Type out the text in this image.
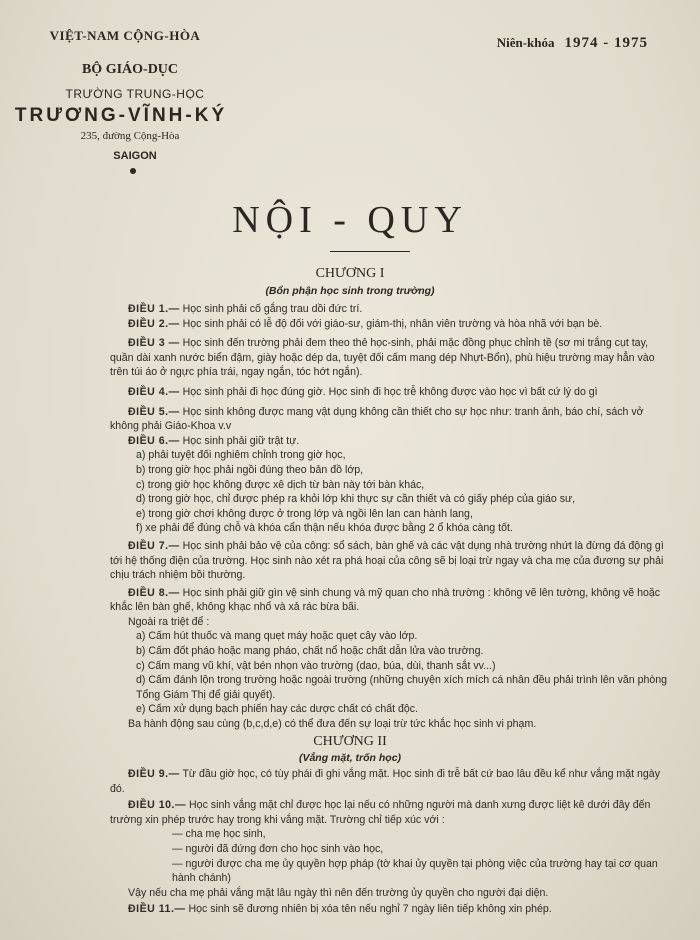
VIỆT-NAM CỘNG-HÒA
BỘ GIÁO-DỤC
TRƯỜNG TRUNG-HỌC
TRƯƠNG-VĨNH-KÝ
235, đường Cộng-Hòa
SAIGON
Niên-khóa 1974 - 1975
NỘI - QUY
CHƯƠNG I
(Bổn phận học sinh trong trường)

ĐIỀU 1.— Học sinh phải cố gắng trau dồi đức trí.

ĐIỀU 2.— Học sinh phải có lễ độ đối với giáo-sư, giám-thị, nhân viên trường và hòa nhã với bạn bè.

ĐIỀU 3 — Học sinh đến trường phải đem theo thẻ học-sinh, phải mặc đồng phục chỉnh tề (sơ mi trắng cụt tay, quần dài xanh nước biển đậm, giày hoặc dép da, tuyệt đối cấm mang dép Nhựt-Bổn), phù hiệu trường may hẳn vào trên túi áo ở ngực phía trái, ngay ngắn, tóc hớt ngắn).

ĐIỀU 4.— Học sinh phải đi học đúng giờ. Học sinh đi học trễ không được vào học vì bất cứ lý do gì

ĐIỀU 5.— Học sinh không được mang vật dụng không cần thiết cho sự học như: tranh ảnh, báo chí, sách vở không phải Giáo-Khoa v.v

ĐIỀU 6.— Học sinh phải giữ trật tự.

a) phải tuyệt đối nghiêm chỉnh trong giờ học,

b) trong giờ học phải ngồi đúng theo bản đồ lớp,

c) trong giờ học không được xê dịch từ bàn này tới bàn khác,

d) trong giờ học, chỉ được phép ra khỏi lớp khi thực sự cần thiết và có giấy phép của giáo sư,

e) trong giờ chơi không được ở trong lớp và ngồi lên lan can hành lang,

f) xe phải để đúng chỗ và khóa cẩn thận nếu khóa được bằng 2 ổ khóa càng tốt.

ĐIỀU 7.— Học sinh phải bảo vệ của công: sổ sách, bàn ghế và các vật dụng nhà trường nhứt là đừng đá động gì tới hệ thống điện của trường. Học sinh nào xét ra phá hoại của công sẽ bị loại trừ ngay và cha mẹ của đương sự phải chịu trách nhiệm bồi thường.

ĐIỀU 8.— Học sinh phải giữ gìn vệ sinh chung và mỹ quan cho nhà trường : không vẽ lên tường, không vẽ hoặc khắc lên bàn ghế, không khạc nhổ và xả rác bừa bãi.

Ngoài ra triệt để :

a) Cấm hút thuốc và mang quẹt máy hoặc quẹt cây vào lớp.

b) Cấm đốt pháo hoặc mang pháo, chất nổ hoặc chất dẫn lửa vào trường.

c) Cấm mang vũ khí, vật bén nhọn vào trường (dao, búa, dùi, thanh sắt vv...)

d) Cấm đánh lộn trong trường hoặc ngoài trường (những chuyện xích mích cá nhân đều phải trình lên văn phòng Tổng Giám Thị để giải quyết).

e) Cấm xử dụng bạch phiến hay các dược chất có chất độc.

Ba hành động sau cùng (b,c,d,e) có thể đưa đến sự loại trừ tức khắc học sinh vi phạm.

CHƯƠNG II
(Vắng mặt, trốn học)

ĐIỀU 9.— Từ đầu giờ học, có tùy phái đi ghi vắng mặt. Học sinh đi trễ bất cứ bao lâu đều kể như vắng mặt ngày đó.

ĐIỀU 10.— Học sinh vắng mặt chỉ được học lại nếu có những người mà danh xưng được liệt kê dưới đây đến trường xin phép trước hay trong khi vắng mặt. Trường chỉ tiếp xúc với :

— cha mẹ học sinh,

— người đã đứng đơn cho học sinh vào học,

— người được cha mẹ ủy quyền hợp pháp (tờ khai ủy quyền tại phòng việc của trường hay tại cơ quan hành chánh)

Vậy nếu cha mẹ phải vắng mặt lâu ngày thì nên đến trường ủy quyền cho người đại diện.

ĐIỀU 11.— Học sinh sẽ đương nhiên bị xóa tên nếu nghỉ 7 ngày liên tiếp không xin phép.
